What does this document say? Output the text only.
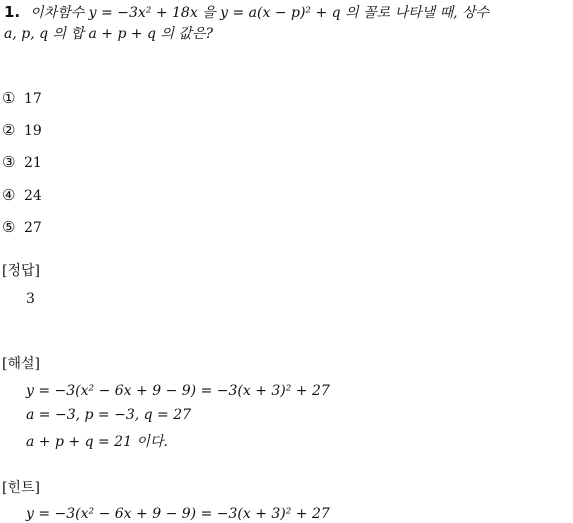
1. 이차함수 y = −3x² + 18x 을 y = a(x − p)² + q 의 꼴로 나타낼 때, 상수
a, p, q 의 합 a + p + q 의 값은?
① 17
② 19
③ 21
④ 24
⑤ 27
[정답]
3
[해설]
y = −3(x² − 6x + 9 − 9) = −3(x + 3)² + 27
a = −3, p = −3, q = 27
a + p + q = 21 이다.
[힌트]
y = −3(x² − 6x + 9 − 9) = −3(x + 3)² + 27
